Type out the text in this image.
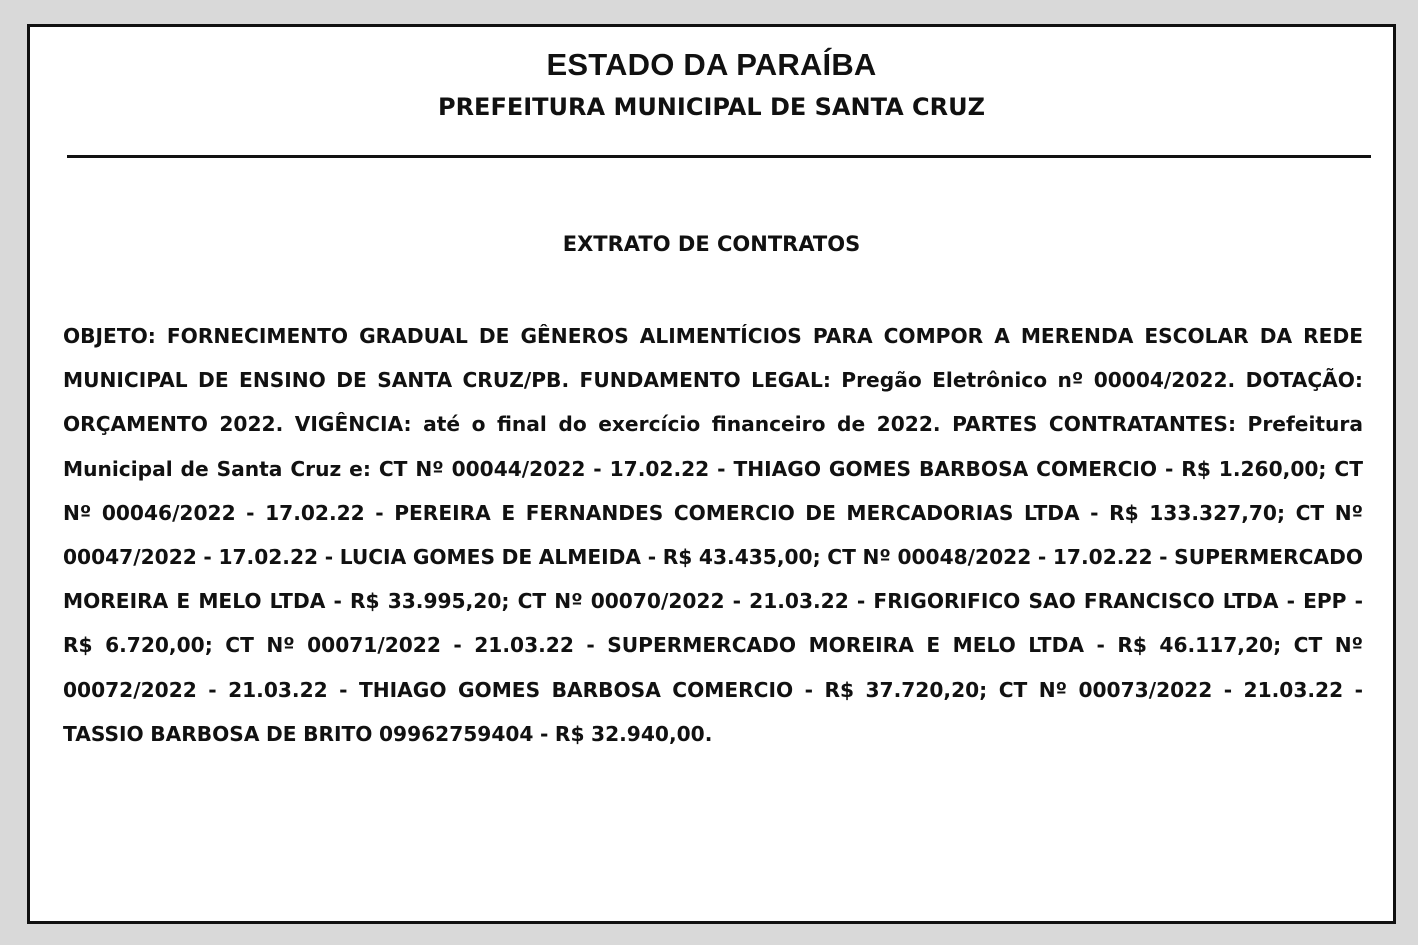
ESTADO DA PARAÍBA
PREFEITURA MUNICIPAL DE SANTA CRUZ
EXTRATO DE CONTRATOS

OBJETO: FORNECIMENTO GRADUAL DE GÊNEROS ALIMENTÍCIOS PARA COMPOR A MERENDA ESCOLAR DA REDE MUNICIPAL DE ENSINO DE SANTA CRUZ/PB. FUNDAMENTO LEGAL: Pregão Eletrônico nº 00004/2022. DOTAÇÃO: ORÇAMENTO 2022. VIGÊNCIA: até o final do exercício financeiro de 2022. PARTES CONTRATANTES: Prefeitura Municipal de Santa Cruz e: CT Nº 00044/2022 - 17.02.22 - THIAGO GOMES BARBOSA COMERCIO - R$ 1.260,00; CT Nº 00046/2022 - 17.02.22 - PEREIRA E FERNANDES COMERCIO DE MERCADORIAS LTDA - R$ 133.327,70; CT Nº 00047/2022 - 17.02.22 - LUCIA GOMES DE ALMEIDA - R$ 43.435,00; CT Nº 00048/2022 - 17.02.22 - SUPERMERCADO MOREIRA E MELO LTDA - R$ 33.995,20; CT Nº 00070/2022 - 21.03.22 - FRIGORIFICO SAO FRANCISCO LTDA - EPP - R$ 6.720,00; CT Nº 00071/2022 - 21.03.22 - SUPERMERCADO MOREIRA E MELO LTDA - R$ 46.117,20; CT Nº 00072/2022 - 21.03.22 - THIAGO GOMES BARBOSA COMERCIO - R$ 37.720,20; CT Nº 00073/2022 - 21.03.22 - TASSIO BARBOSA DE BRITO 09962759404 - R$ 32.940,00.
